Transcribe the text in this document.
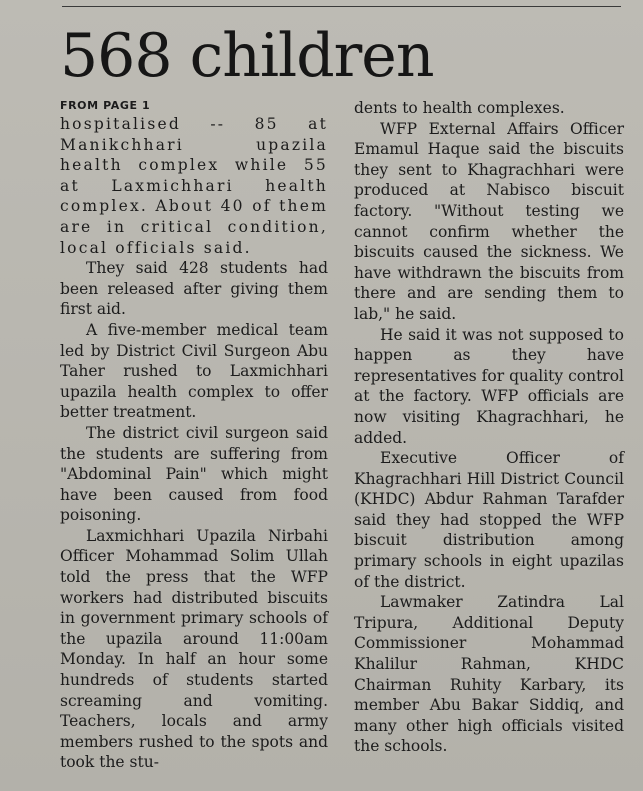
568 children
FROM PAGE 1

hospitalised -- 85 at Manikchhari upazila health complex while 55 at Laxmichhari health complex. About 40 of them are in critical condition, local officials said.

They said 428 students had been released after giving them first aid.

A five-member medical team led by District Civil Surgeon Abu Taher rushed to Laxmichhari upazila health complex to offer better treatment.

The district civil surgeon said the students are suffering from "Abdominal Pain" which might have been caused from food poisoning.

Laxmichhari Upazila Nirbahi Officer Mohammad Solim Ullah told the press that the WFP workers had distributed biscuits in government primary schools of the upazila around 11:00am Monday. In half an hour some hundreds of students started screaming and vomiting. Teachers, locals and army members rushed to the spots and took the stu-

dents to health complexes.

WFP External Affairs Officer Emamul Haque said the biscuits they sent to Khagrachhari were produced at Nabisco biscuit factory. "Without testing we cannot confirm whether the biscuits caused the sickness. We have withdrawn the biscuits from there and are sending them to lab," he said.

He said it was not supposed to happen as they have representatives for quality control at the factory. WFP officials are now visiting Khagrachhari, he added.

Executive Officer of Khagrachhari Hill District Council (KHDC) Abdur Rahman Tarafder said they had stopped the WFP biscuit distribution among primary schools in eight upazilas of the district.

Lawmaker Zatindra Lal Tripura, Additional Deputy Commissioner Mohammad Khalilur Rahman, KHDC Chairman Ruhity Karbary, its member Abu Bakar Siddiq, and many other high officials visited the schools.
